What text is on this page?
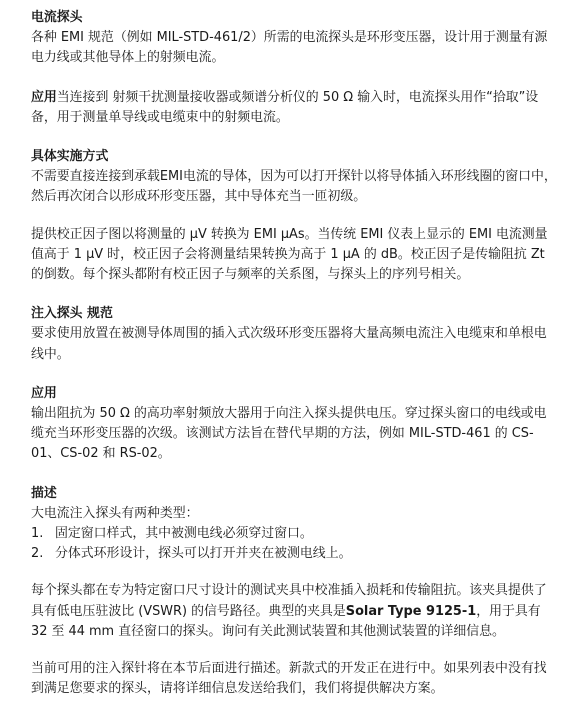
电流探头

各种 EMI 规范（例如 MIL-STD-461/2）所需的电流探头是环形变压器，设计用于测量有源电力线或其他导体上的射频电流。

应用当连接到 射频干扰测量接收器或频谱分析仪的 50 Ω 输入时，电流探头用作“拾取”设备，用于测量单导线或电缆束中的射频电流。

具体实施方式

不需要直接连接到承载EMI电流的导体，因为可以打开探针以将导体插入环形线圈的窗口中，然后再次闭合以形成环形变压器，其中导体充当一匝初级。

提供校正因子图以将测量的 μV 转换为 EMI μAs。当传统 EMI 仪表上显示的 EMI 电流测量值高于 1 μV 时，校正因子会将测量结果转换为高于 1 μA 的 dB。校正因子是传输阻抗 Zt 的倒数。每个探头都附有校正因子与频率的关系图，与探头上的序列号相关。

注入探头 规范

要求使用放置在被测导体周围的插入式次级环形变压器将大量高频电流注入电缆束和单根电线中。

应用

输出阻抗为 50 Ω 的高功率射频放大器用于向注入探头提供电压。穿过探头窗口的电线或电缆充当环形变压器的次级。该测试方法旨在替代早期的方法，例如 MIL-STD-461 的 CS-01、CS-02 和 RS-02。

描述

大电流注入探头有两种类型：

1. 固定窗口样式，其中被测电线必须穿过窗口。
2. 分体式环形设计，探头可以打开并夹在被测电线上。

每个探头都在专为特定窗口尺寸设计的测试夹具中校准插入损耗和传输阻抗。该夹具提供了具有低电压驻波比 (VSWR) 的信号路径。典型的夹具是Solar Type 9125-1，用于具有 32 至 44 mm 直径窗口的探头。询问有关此测试装置和其他测试装置的详细信息。

当前可用的注入探针将在本节后面进行描述。新款式的开发正在进行中。如果列表中没有找到满足您要求的探头，请将详细信息发送给我们，我们将提供解决方案。
